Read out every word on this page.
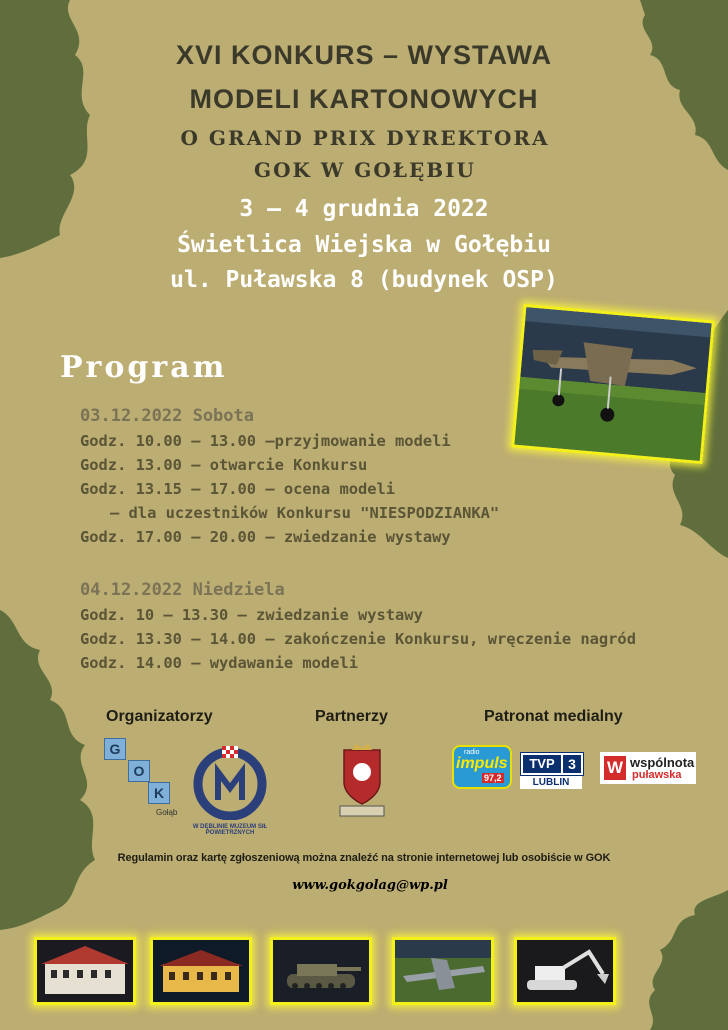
XVI KONKURS – WYSTAWA
MODELI KARTONOWYCH
O GRAND PRIX DYREKTORA GOK W GOŁĘBIU
3 – 4 grudnia 2022
Świetlica Wiejska w Gołębiu
ul. Puławska 8 (budynek OSP)
Program
03.12.2022 Sobota
Godz. 10.00 – 13.00 –przyjmowanie modeli
Godz. 13.00 – otwarcie Konkursu
Godz. 13.15 – 17.00 – ocena modeli
– dla uczestników Konkursu "NIESPODZIANKA"
Godz. 17.00 – 20.00 – zwiedzanie wystawy
04.12.2022 Niedziela
Godz. 10 – 13.30 – zwiedzanie wystawy
Godz. 13.30 – 14.00 – zakończenie Konkursu, wręczenie nagród
Godz. 14.00 – wydawanie modeli
Organizatorzy	Partnerzy	Patronat medialny
G
O
K
Gołąb
W DĘBLINIE MUZEUM SIŁ POWIETRZNYCH
radio
impuls
97,2
TVP 3
LUBLIN
W wspólnota
puławska
Regulamin oraz kartę zgłoszeniową można znaleźć na stronie internetowej lub osobiście w GOK
www.gokgolag@wp.pl
